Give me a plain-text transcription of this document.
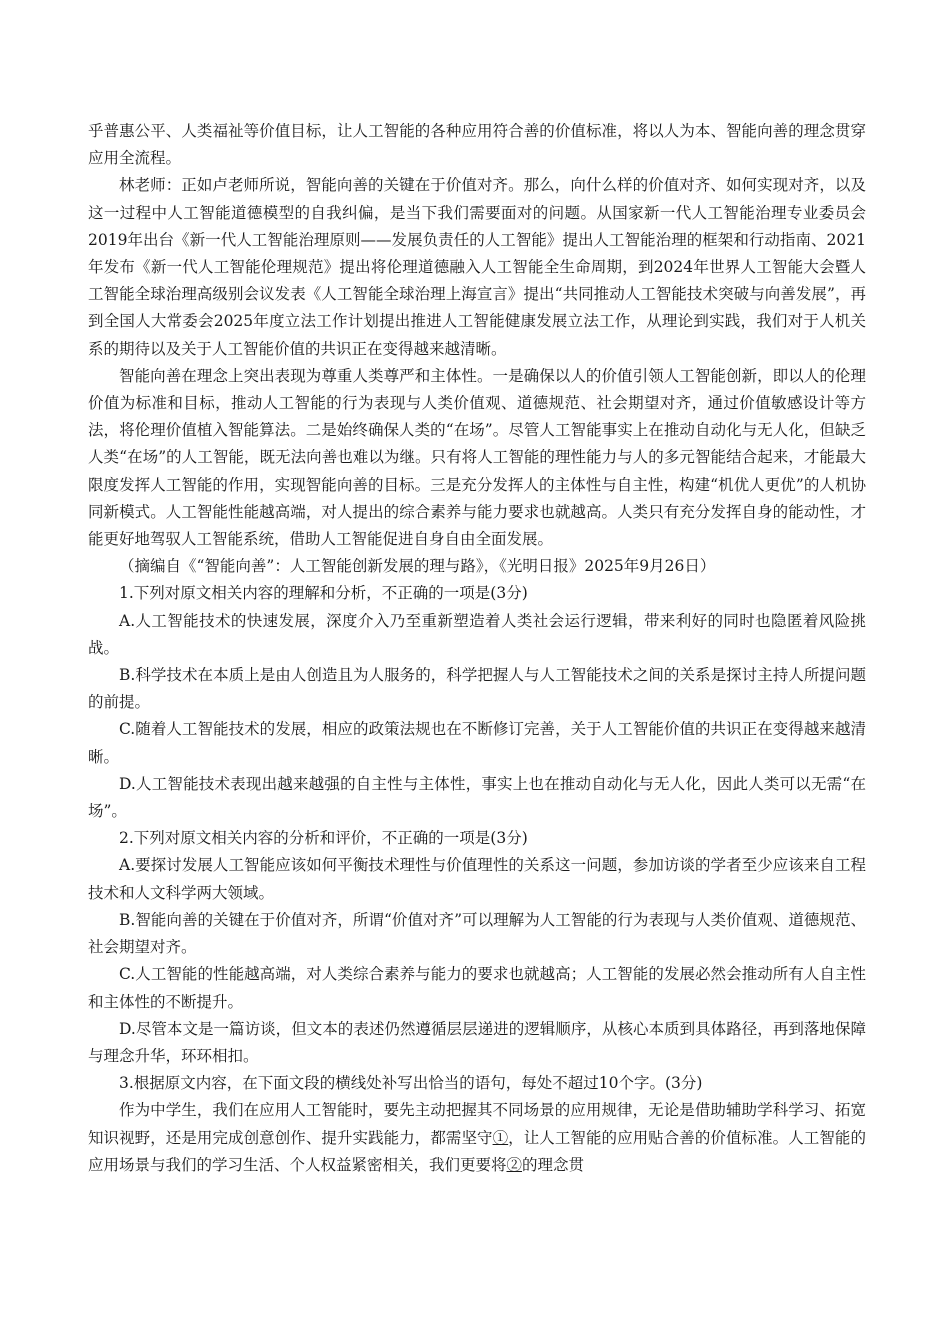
乎普惠公平、人类福祉等价值目标，让人工智能的各种应用符合善的价值标准，将以人为本、智能向善的理念贯穿应用全流程。

林老师：正如卢老师所说，智能向善的关键在于价值对齐。那么，向什么样的价值对齐、如何实现对齐，以及这一过程中人工智能道德模型的自我纠偏，是当下我们需要面对的问题。从国家新一代人工智能治理专业委员会2019年出台《新一代人工智能治理原则——发展负责任的人工智能》提出人工智能治理的框架和行动指南、2021年发布《新一代人工智能伦理规范》提出将伦理道德融入人工智能全生命周期，到2024年世界人工智能大会暨人工智能全球治理高级别会议发表《人工智能全球治理上海宣言》提出“共同推动人工智能技术突破与向善发展”，再到全国人大常委会2025年度立法工作计划提出推进人工智能健康发展立法工作，从理论到实践，我们对于人机关系的期待以及关于人工智能价值的共识正在变得越来越清晰。

智能向善在理念上突出表现为尊重人类尊严和主体性。一是确保以人的价值引领人工智能创新，即以人的伦理价值为标准和目标，推动人工智能的行为表现与人类价值观、道德规范、社会期望对齐，通过价值敏感设计等方法，将伦理价值植入智能算法。二是始终确保人类的“在场”。尽管人工智能事实上在推动自动化与无人化，但缺乏人类“在场”的人工智能，既无法向善也难以为继。只有将人工智能的理性能力与人的多元智能结合起来，才能最大限度发挥人工智能的作用，实现智能向善的目标。三是充分发挥人的主体性与自主性，构建“机优人更优”的人机协同新模式。人工智能性能越高端，对人提出的综合素养与能力要求也就越高。人类只有充分发挥自身的能动性，才能更好地驾驭人工智能系统，借助人工智能促进自身自由全面发展。

（摘编自《“智能向善”：人工智能创新发展的理与路》，《光明日报》2025年9月26日）

1.下列对原文相关内容的理解和分析，不正确的一项是(3分)

A.人工智能技术的快速发展，深度介入乃至重新塑造着人类社会运行逻辑，带来利好的同时也隐匿着风险挑战。

B.科学技术在本质上是由人创造且为人服务的，科学把握人与人工智能技术之间的关系是探讨主持人所提问题的前提。

C.随着人工智能技术的发展，相应的政策法规也在不断修订完善，关于人工智能价值的共识正在变得越来越清晰。

D.人工智能技术表现出越来越强的自主性与主体性，事实上也在推动自动化与无人化，因此人类可以无需“在场”。

2.下列对原文相关内容的分析和评价，不正确的一项是(3分)

A.要探讨发展人工智能应该如何平衡技术理性与价值理性的关系这一问题，参加访谈的学者至少应该来自工程技术和人文科学两大领域。

B.智能向善的关键在于价值对齐，所谓“价值对齐”可以理解为人工智能的行为表现与人类价值观、道德规范、社会期望对齐。

C.人工智能的性能越高端，对人类综合素养与能力的要求也就越高；人工智能的发展必然会推动所有人自主性和主体性的不断提升。

D.尽管本文是一篇访谈，但文本的表述仍然遵循层层递进的逻辑顺序，从核心本质到具体路径，再到落地保障与理念升华，环环相扣。

3.根据原文内容，在下面文段的横线处补写出恰当的语句，每处不超过10个字。(3分)

作为中学生，我们在应用人工智能时，要先主动把握其不同场景的应用规律，无论是借助辅助学科学习、拓宽知识视野，还是用完成创意创作、提升实践能力，都需坚守①，让人工智能的应用贴合善的价值标准。人工智能的应用场景与我们的学习生活、个人权益紧密相关，我们更要将②的理念贯
